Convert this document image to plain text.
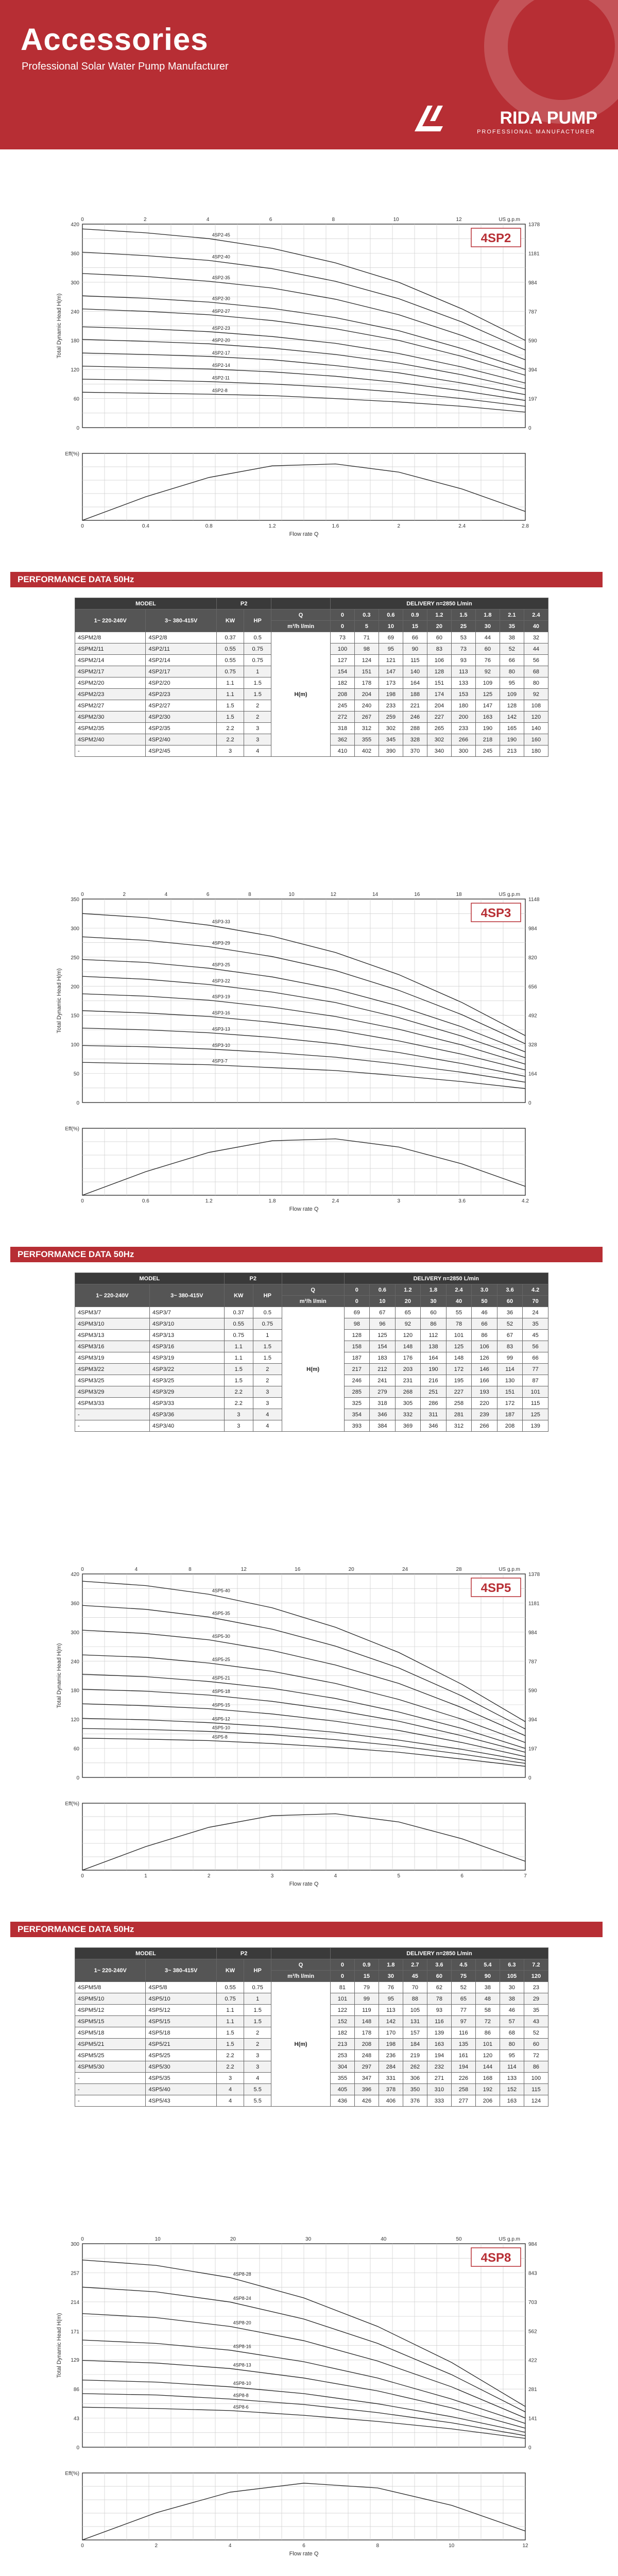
Accessories
Professional Solar Water Pump Manufacturer
RIDA PUMP
PROFESSIONAL MANUFACTURER
0
60
120
180
240
300
360
420
0
197
394
590
787
984
1181
1378
Total Dynamic Head H(m)
0	2	4	6	8	10	12	US g.p.m
0	0.4	0.8	1.2	1.6	2	2.4	2.8
Flow rate Q
Eff(%)
4SP2
4SP2-45
4SP2-40
4SP2-35
4SP2-30
4SP2-27
4SP2-23
4SP2-20
4SP2-17
4SP2-14
4SP2-11
4SP2-8
PERFORMANCE DATA 50Hz
MODEL		P2			DELIVERY n=2850 L/min								
1~ 220-240V	3~ 380-415V	KW	HP	Q	0	0.3	0.6	0.9	1.2	1.5	1.8	2.1	2.4
				m³/h l/min	0	5	10	15	20	25	30	35	40
4SPM2/8	4SP2/8	0.37	0.5	H(m)	73	71	69	66	60	53	44	38	32
4SPM2/11	4SP2/11	0.55	0.75		100	98	95	90	83	73	60	52	44
4SPM2/14	4SP2/14	0.55	0.75		127	124	121	115	106	93	76	66	56
4SPM2/17	4SP2/17	0.75	1		154	151	147	140	128	113	92	80	68
4SPM2/20	4SP2/20	1.1	1.5		182	178	173	164	151	133	109	95	80
4SPM2/23	4SP2/23	1.1	1.5		208	204	198	188	174	153	125	109	92
4SPM2/27	4SP2/27	1.5	2		245	240	233	221	204	180	147	128	108
4SPM2/30	4SP2/30	1.5	2		272	267	259	246	227	200	163	142	120
4SPM2/35	4SP2/35	2.2	3		318	312	302	288	265	233	190	165	140
4SPM2/40	4SP2/40	2.2	3		362	355	345	328	302	266	218	190	160
-	4SP2/45	3	4		410	402	390	370	340	300	245	213	180
0
50
100
150
200
250
300
350
0
164
328
492
656
820
984
1148
Total Dynamic Head H(m)
0	2	4	6	8	10	12	14	16	18	US g.p.m
0	0.6	1.2	1.8	2.4	3	3.6	4.2
Flow rate Q
Eff(%)
4SP3
4SP3-33
4SP3-29
4SP3-25
4SP3-22
4SP3-19
4SP3-16
4SP3-13
4SP3-10
4SP3-7
PERFORMANCE DATA 50Hz
MODEL		P2			DELIVERY n=2850 L/min							
1~ 220-240V	3~ 380-415V	KW	HP	Q	0	0.6	1.2	1.8	2.4	3.0	3.6	4.2
				m³/h l/min	0	10	20	30	40	50	60	70
4SPM3/7	4SP3/7	0.37	0.5	H(m)	69	67	65	60	55	46	36	24
4SPM3/10	4SP3/10	0.55	0.75		98	96	92	86	78	66	52	35
4SPM3/13	4SP3/13	0.75	1		128	125	120	112	101	86	67	45
4SPM3/16	4SP3/16	1.1	1.5		158	154	148	138	125	106	83	56
4SPM3/19	4SP3/19	1.1	1.5		187	183	176	164	148	126	99	66
4SPM3/22	4SP3/22	1.5	2		217	212	203	190	172	146	114	77
4SPM3/25	4SP3/25	1.5	2		246	241	231	216	195	166	130	87
4SPM3/29	4SP3/29	2.2	3		285	279	268	251	227	193	151	101
4SPM3/33	4SP3/33	2.2	3		325	318	305	286	258	220	172	115
-	4SP3/36	3	4		354	346	332	311	281	239	187	125
-	4SP3/40	3	4		393	384	369	346	312	266	208	139
0
60
120
180
240
300
360
420
0
197
394
590
787
984
1181
1378
Total Dynamic Head H(m)
0	4	8	12	16	20	24	28	US g.p.m
0	1	2	3	4	5	6	7
Flow rate Q
Eff(%)
4SP5
4SP5-40
4SP5-35
4SP5-30
4SP5-25
4SP5-21
4SP5-18
4SP5-15
4SP5-12
4SP5-10
4SP5-8
PERFORMANCE DATA 50Hz
MODEL		P2			DELIVERY n=2850 L/min								
1~ 220-240V	3~ 380-415V	KW	HP	Q	0	0.9	1.8	2.7	3.6	4.5	5.4	6.3	7.2
				m³/h l/min	0	15	30	45	60	75	90	105	120
4SPM5/8	4SP5/8	0.55	0.75	H(m)	81	79	76	70	62	52	38	30	23
4SPM5/10	4SP5/10	0.75	1		101	99	95	88	78	65	48	38	29
4SPM5/12	4SP5/12	1.1	1.5		122	119	113	105	93	77	58	46	35
4SPM5/15	4SP5/15	1.1	1.5		152	148	142	131	116	97	72	57	43
4SPM5/18	4SP5/18	1.5	2		182	178	170	157	139	116	86	68	52
4SPM5/21	4SP5/21	1.5	2		213	208	198	184	163	135	101	80	60
4SPM5/25	4SP5/25	2.2	3		253	248	236	219	194	161	120	95	72
4SPM5/30	4SP5/30	2.2	3		304	297	284	262	232	194	144	114	86
-	4SP5/35	3	4		355	347	331	306	271	226	168	133	100
-	4SP5/40	4	5.5		405	396	378	350	310	258	192	152	115
-	4SP5/43	4	5.5		436	426	406	376	333	277	206	163	124
0
43
86
129
171
214
257
300
0
141
281
422
562
703
843
984
Total Dynamic Head H(m)
0	10	20	30	40	50	US g.p.m
0	2	4	6	8	10	12
Flow rate Q
Eff(%)
4SP8
4SP8-28
4SP8-24
4SP8-20
4SP8-16
4SP8-13
4SP8-10
4SP8-8
4SP8-6
